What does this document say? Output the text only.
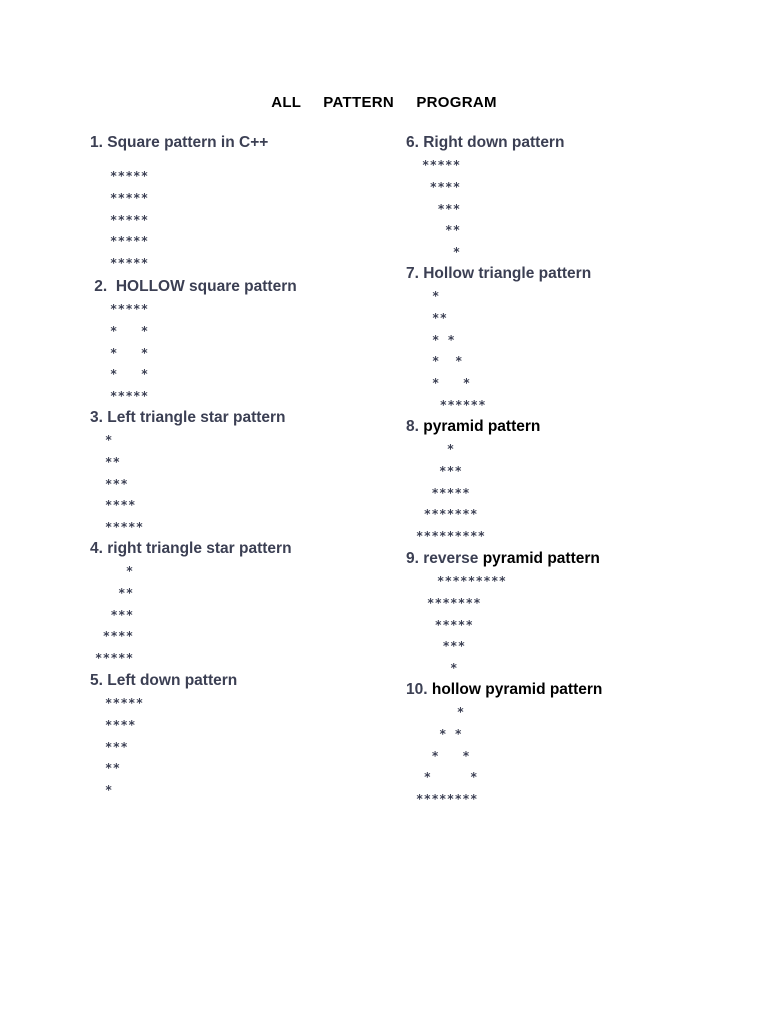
ALL     PATTERN     PROGRAM
1. Square pattern in C++
*****
*****
*****
*****
*****
2.  HOLLOW square pattern
*****
*   *
*   *
*   *
*****
3. Left triangle star pattern
*
**
***
****
*****
4. right triangle star pattern
*
**
***
****
*****
5. Left down pattern
*****
****
***
**
*
6. Right down pattern
*****
****
***
**
*
7. Hollow triangle pattern
*
**
* *
*  *
*   *
******
8. pyramid pattern
*
***
*****
*******
*********
9. reverse pyramid pattern
*********
*******
*****
***
*
10. hollow pyramid pattern
*
* *
*   *
*     *
********
